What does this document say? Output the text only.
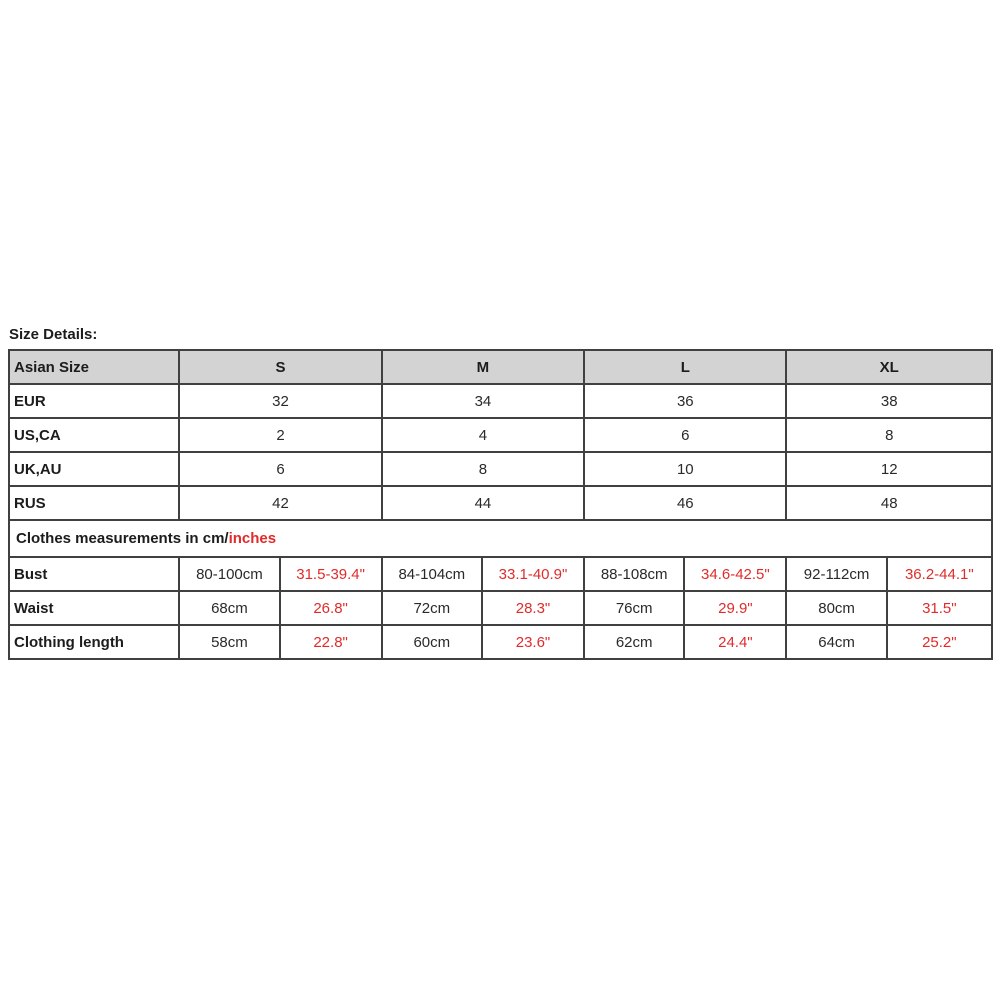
Size Details:
Asian Size	S		M		L		XL	
EUR	32		34		36		38	
US,CA	2		4		6		8	
UK,AU	6		8		10		12	
RUS	42		44		46		48	
Clothes measurements in cm/inches								
Bust	80-100cm	31.5-39.4"	84-104cm	33.1-40.9"	88-108cm	34.6-42.5"	92-112cm	36.2-44.1"
Waist	68cm	26.8"	72cm	28.3"	76cm	29.9"	80cm	31.5"
Clothing length	58cm	22.8"	60cm	23.6"	62cm	24.4"	64cm	25.2"
